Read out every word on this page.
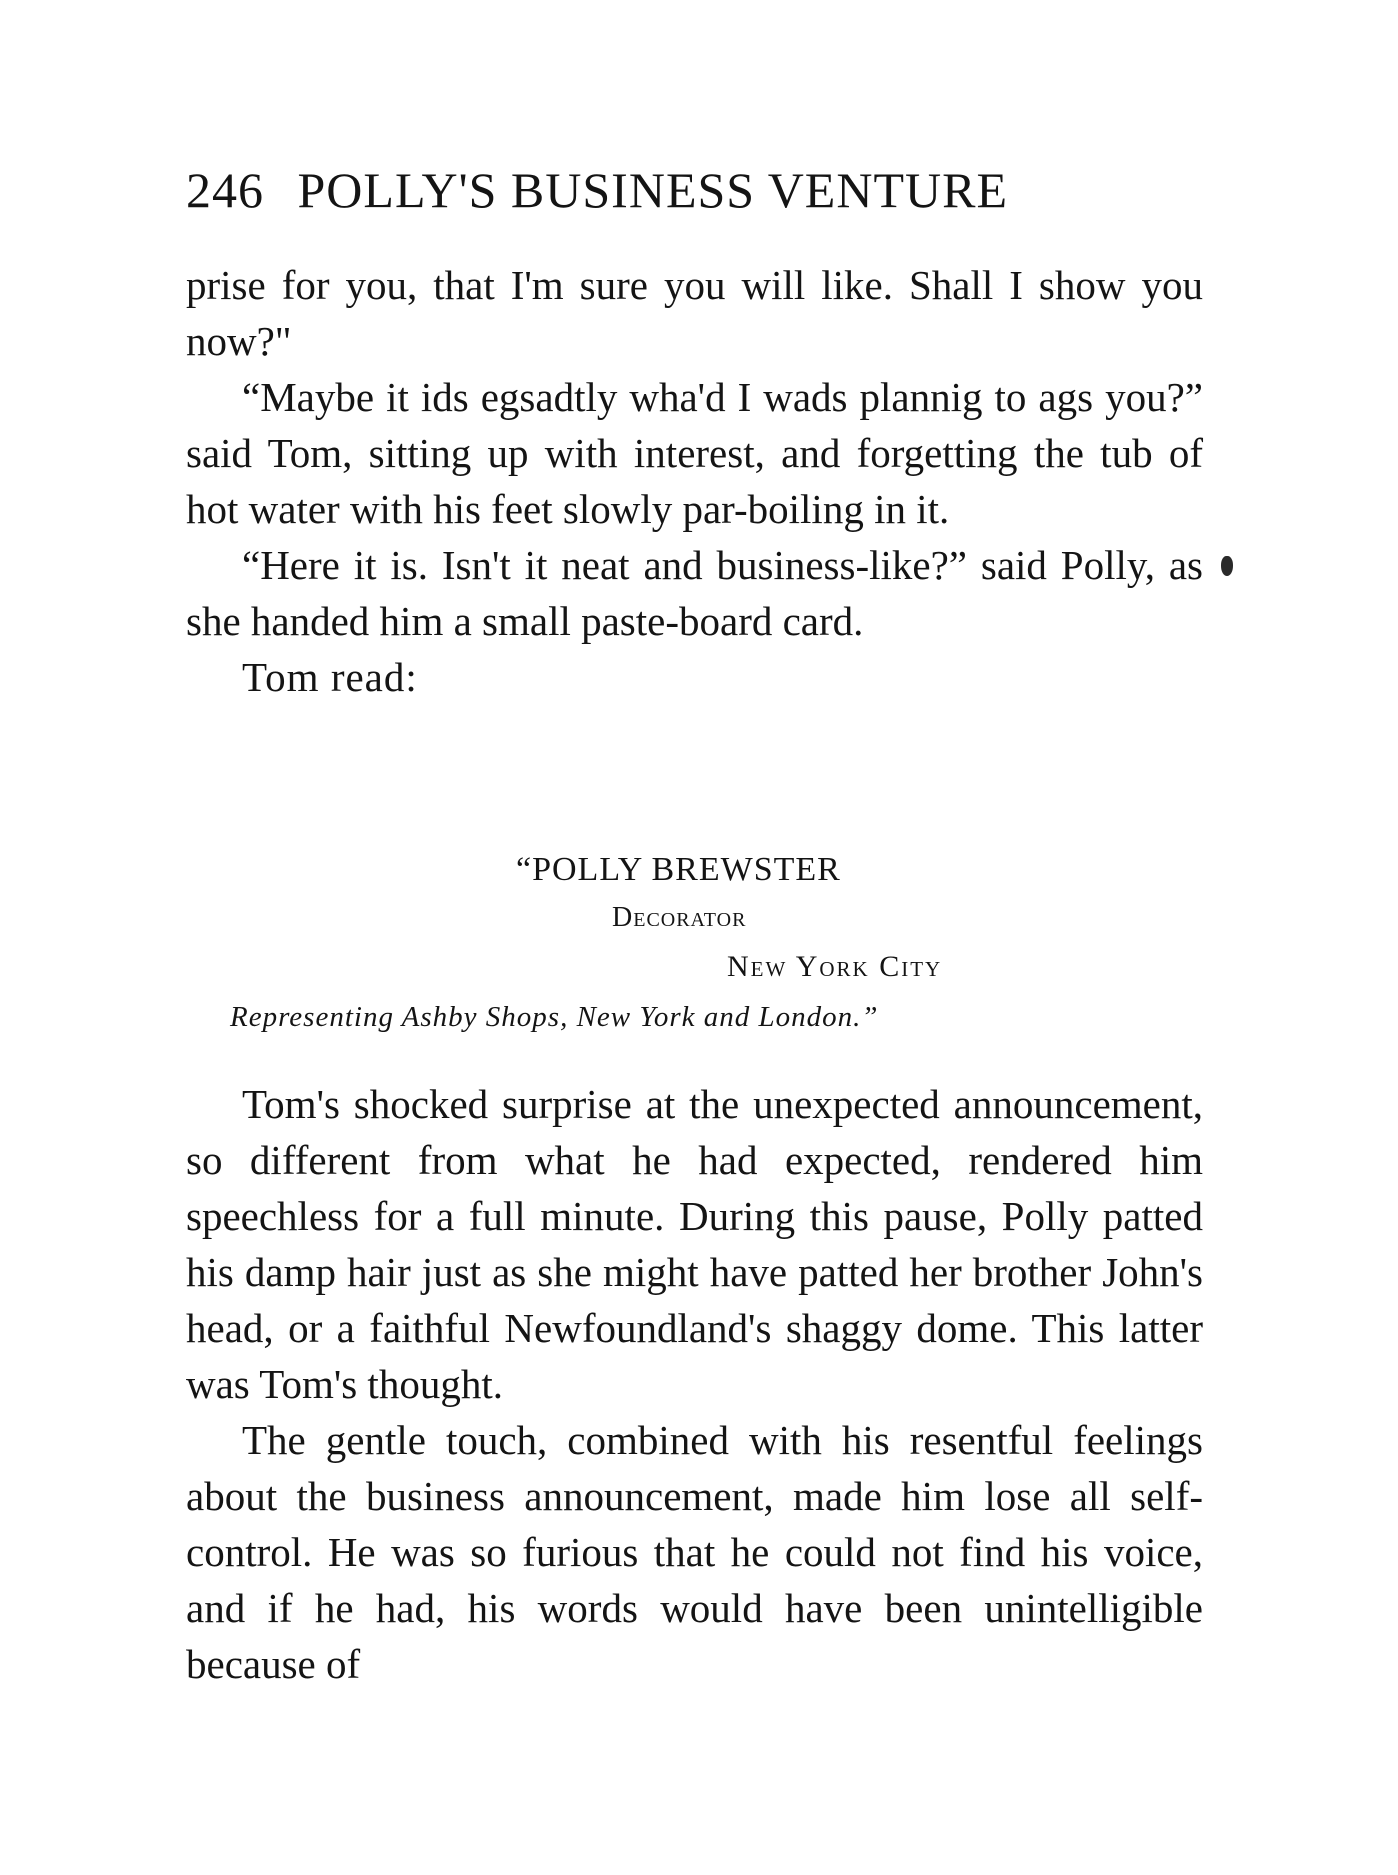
246 POLLY'S BUSINESS VENTURE

prise for you, that I'm sure you will like. Shall I show you now?"

“Maybe it ids egsadtly wha'd I wads plannig to ags you?” said Tom, sitting up with interest, and forgetting the tub of hot water with his feet slowly par-boiling in it.

“Here it is. Isn't it neat and business-like?” said Polly, as she handed him a small paste-board card.

Tom read:

“POLLY BREWSTER
Decorator
New York City
Representing Ashby Shops, New York and London.”

Tom's shocked surprise at the unexpected announcement, so different from what he had expected, rendered him speechless for a full minute. During this pause, Polly patted his damp hair just as she might have patted her brother John's head, or a faithful Newfoundland's shaggy dome. This latter was Tom's thought.

The gentle touch, combined with his resentful feelings about the business announcement, made him lose all self-control. He was so furious that he could not find his voice, and if he had, his words would have been unintelligible because of
